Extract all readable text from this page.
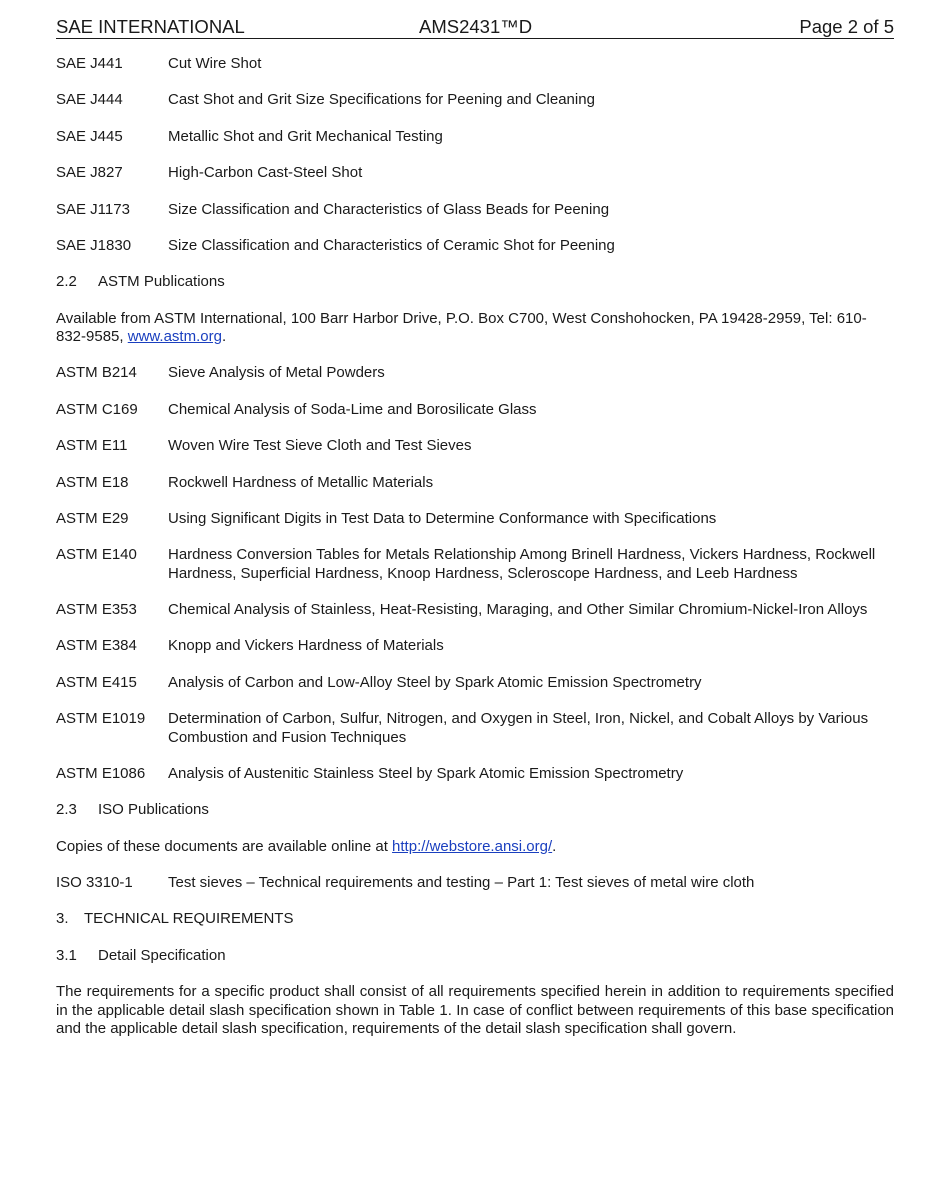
SAE INTERNATIONAL	AMS2431™D	Page 2 of 5
SAE J441	Cut Wire Shot
SAE J444	Cast Shot and Grit Size Specifications for Peening and Cleaning
SAE J445	Metallic Shot and Grit Mechanical Testing
SAE J827	High-Carbon Cast-Steel Shot
SAE J1173	Size Classification and Characteristics of Glass Beads for Peening
SAE J1830	Size Classification and Characteristics of Ceramic Shot for Peening
2.2 ASTM Publications
Available from ASTM International, 100 Barr Harbor Drive, P.O. Box C700, West Conshohocken, PA 19428-2959, Tel: 610-832-9585, www.astm.org.
ASTM B214	Sieve Analysis of Metal Powders
ASTM C169	Chemical Analysis of Soda-Lime and Borosilicate Glass
ASTM E11	Woven Wire Test Sieve Cloth and Test Sieves
ASTM E18	Rockwell Hardness of Metallic Materials
ASTM E29	Using Significant Digits in Test Data to Determine Conformance with Specifications
ASTM E140	Hardness Conversion Tables for Metals Relationship Among Brinell Hardness, Vickers Hardness, Rockwell Hardness, Superficial Hardness, Knoop Hardness, Scleroscope Hardness, and Leeb Hardness
ASTM E353	Chemical Analysis of Stainless, Heat-Resisting, Maraging, and Other Similar Chromium-Nickel-Iron Alloys
ASTM E384	Knopp and Vickers Hardness of Materials
ASTM E415	Analysis of Carbon and Low-Alloy Steel by Spark Atomic Emission Spectrometry
ASTM E1019	Determination of Carbon, Sulfur, Nitrogen, and Oxygen in Steel, Iron, Nickel, and Cobalt Alloys by Various Combustion and Fusion Techniques
ASTM E1086	Analysis of Austenitic Stainless Steel by Spark Atomic Emission Spectrometry
2.3 ISO Publications
Copies of these documents are available online at http://webstore.ansi.org/.
ISO 3310-1	Test sieves – Technical requirements and testing – Part 1: Test sieves of metal wire cloth
3. TECHNICAL REQUIREMENTS
3.1 Detail Specification
The requirements for a specific product shall consist of all requirements specified herein in addition to requirements specified in the applicable detail slash specification shown in Table 1. In case of conflict between requirements of this base specification and the applicable detail slash specification, requirements of the detail slash specification shall govern.
